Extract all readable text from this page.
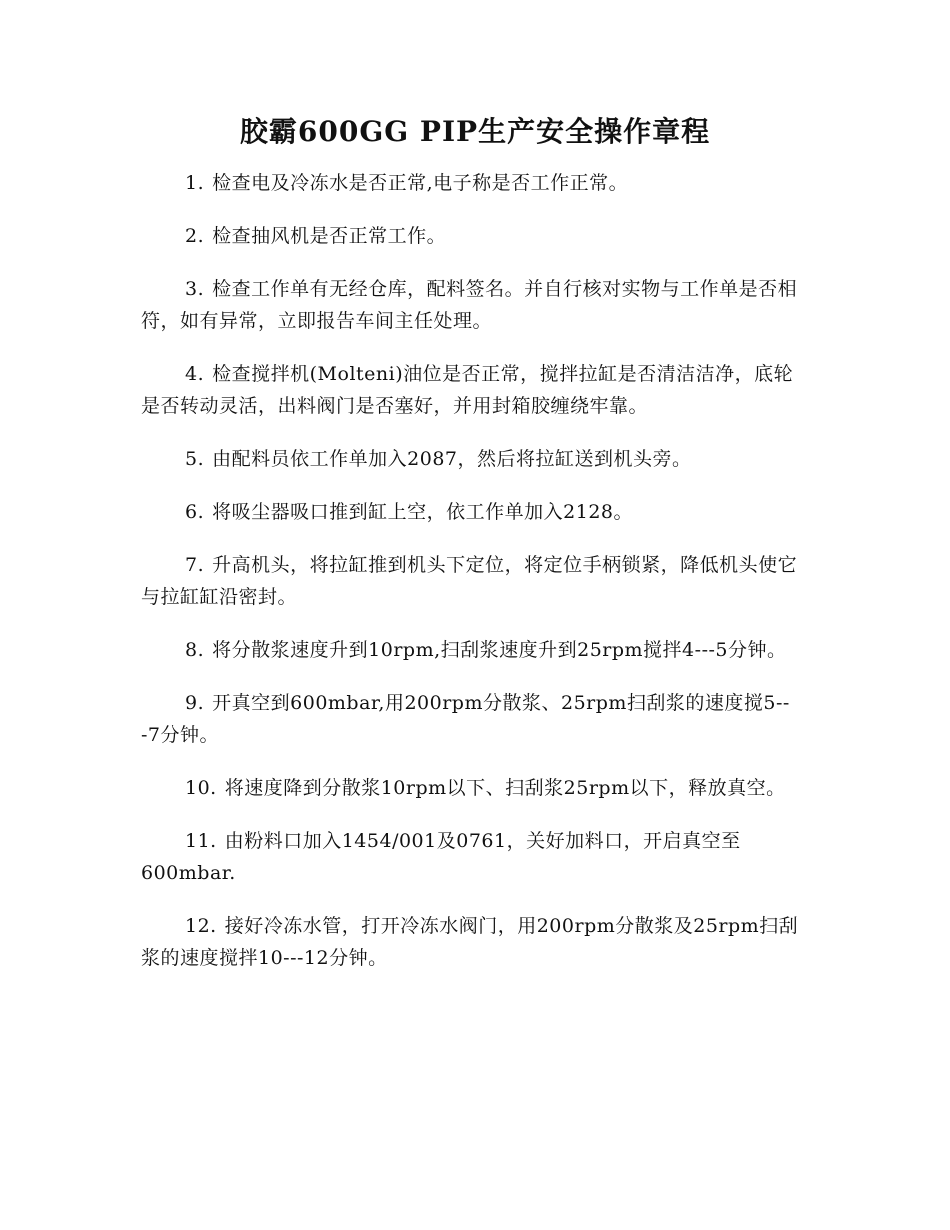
胶霸600GG PIP生产安全操作章程

1. 检查电及冷冻水是否正常,电子称是否工作正常。

2. 检查抽风机是否正常工作。

3. 检查工作单有无经仓库，配料签名。并自行核对实物与工作单是否相符，如有异常，立即报告车间主任处理。

4. 检查搅拌机(Molteni)油位是否正常，搅拌拉缸是否清洁洁净，底轮是否转动灵活，出料阀门是否塞好，并用封箱胶缠绕牢靠。

5. 由配料员依工作单加入2087，然后将拉缸送到机头旁。

6. 将吸尘器吸口推到缸上空，依工作单加入2128。

7. 升高机头，将拉缸推到机头下定位，将定位手柄锁紧，降低机头使它与拉缸缸沿密封。

8. 将分散浆速度升到10rpm,扫刮浆速度升到25rpm搅拌4---5分钟。

9. 开真空到600mbar,用200rpm分散浆、25rpm扫刮浆的速度搅5---7分钟。

10. 将速度降到分散浆10rpm以下、扫刮浆25rpm以下，释放真空。

11. 由粉料口加入1454/001及0761，关好加料口，开启真空至600mbar.

12. 接好冷冻水管，打开冷冻水阀门，用200rpm分散浆及25rpm扫刮浆的速度搅拌10---12分钟。
